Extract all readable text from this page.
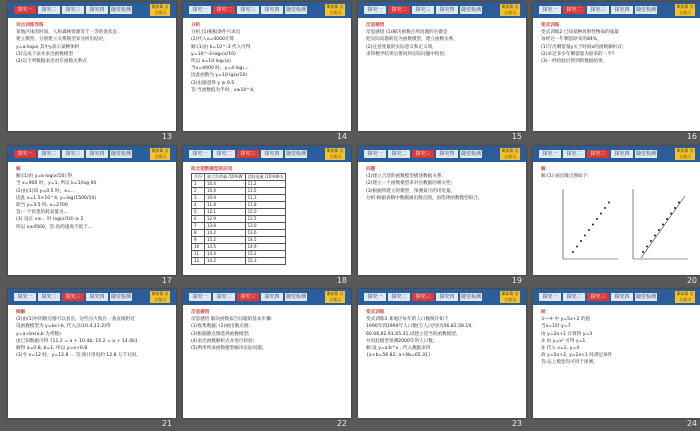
探究一	探究二	探究三	探究四	随堂检测
课前篇 自主预习
对点训练导练
某地区体的时间，人和森林资源等于一等的条状态
建立模型，分别建立关系模型来分析出结论，
y=a·log₂x 其中y表示某种体积
(1)完成下表并求出函数模型
(2)以下列数据求出对应函数关系式
13
探究一	探究二	探究三	探究四	随堂检测
课前篇 自主预习
分析
分析:(1)根据条件可求出
(2)代入x=4000计算
解:(1)由 k=10^-3 代入可得
y=10^-3·log₂(x/10)
所以 a=10·log₂(x)
当x=4000 时，y=4·log₂...
因此函数为 y=10·lg(x/10)
(2)由题意得 y ≥ 0.5
答:当函数值为半时，x≥10^4。
14
探究一	探究二	探究三	探究四	随堂检测
课前篇 自主预习
反思感悟
反思感悟 (1)解决函数应用问题的关键是
把实际问题转化为函数模型，建立函数关系，
(2)注意变量的实际意义和定义域，
求得数学结果后要回到实际问题中检验。
15
探究一	探究二	探究三	探究四	随堂检测
课前篇 自主预习
变式训练
变式训练2 已知某种放射性物质的质量
每经过一年剩留原来的84%，
(1)写出剩留量y关于时间x的函数解析式;
(2)求过多少年剩留量为原来的一半?
(3)一经检验后得到的数据结果。
16
探究一	探究二	探究三	探究四	随堂检测
课前篇 自主预习
解
解:(1)由 y=k·log(x/10) 得
当 x=900 时，y=1, 所以 k=1/log 90
(2)由(1)知 y=0.5 时，x=...
因此 x=1.5×10^4, y=log(1500/10)
即当 y=3.5 时, x=2700
答:一个鱼类的耗氧量为...
(3) 设在 v≥... 时 log(x/10) ≥ 2
所以 x≥4500，答:鱼的速度不低于...
17
探究一	探究二	探究三	探究四	随堂检测
课前篇 自主预习
拟合函数模型的应用
月份	最大负荷量 /10⁴kW	消耗电量 /10⁴kW·h
1	10.4	11.2
2	10.4	11.5
3	10.9	11.3
4	11.8	11.8
5	12.1	12.0
6	12.9	12.5
7	13.8	13.0
8	14.2	13.6
9	15.2	14.5
10	14.5	14.9
11	14.4	15.2
12	14.2	15.3
18
探究一	探究二	探究三	探究四	随堂检测
课前篇 自主预习
问题
(1)建立合适的函数模型描述数据关系;
(2)建立一个函数模型来对应数据的相关性;
(3)根据所建立的模型，预测某月的用电量。
分析:根据表格中数据画出散点图，再选择函数模型拟合。
19
探究一	探究二	探究三	探究四	随堂检测
课前篇 自主预习
解
解:(1) 画出散点图如下:
20
探究一	探究二	探究三	探究四	随堂检测
课前篇 自主预习
续解
(2)由(1)中的散点图可以看出，这些点大致在一条直线附近
设函数模型为 y=kx+b, 代入点(10.4,11.2)得
y=a+bx(a,b 为常数)
由已知数据可得 {11.2 = a + 10.4b; 15.2 = a + 14.4b}
解得 a=0.8, b=1, 所以 y=x+0.8
(3)令 x=12 时，y=12.8 ... 答:预计用电约 12.8 万千瓦时。
21
探究一	探究二	探究三	探究四	随堂检测
课前篇 自主预习
反思感悟
反思感悟 解决函数拟合问题的基本步骤:
(1)收集数据; (2)画出散点图;
(3)根据散点图选择函数模型;
(4)求出函数解析式并进行检验;
(5)利用所求函数模型解决实际问题。
22
探究一	探究二	探究三	探究四	随堂检测
课前篇 自主预习
变式训练
变式训练3 某地区每年的人口数统计如下
1990年到1994年人口数(万人)分别为56.82,58.19,
60.66,62.91,65.31,试建立适当的函数模型,
并用此模型预测2000年的人口数。
解:设 y=a·b^x , 代入数据求得
{a+b=56.82; a+4b=65.31}
23
探究一	探究二	探究三	探究四	随堂检测
课前篇 自主预习
续
①~④ 中 y=5x+2 的值
当x=1时 y=7
由 y=2x+1 计算得 y=3
② 由 y=x² 可得 y=1
③ 代入 x=2, y=4
故 y=5x+2, y=2x+1 时满足条件
答:以上模型均可用于预测。
24
